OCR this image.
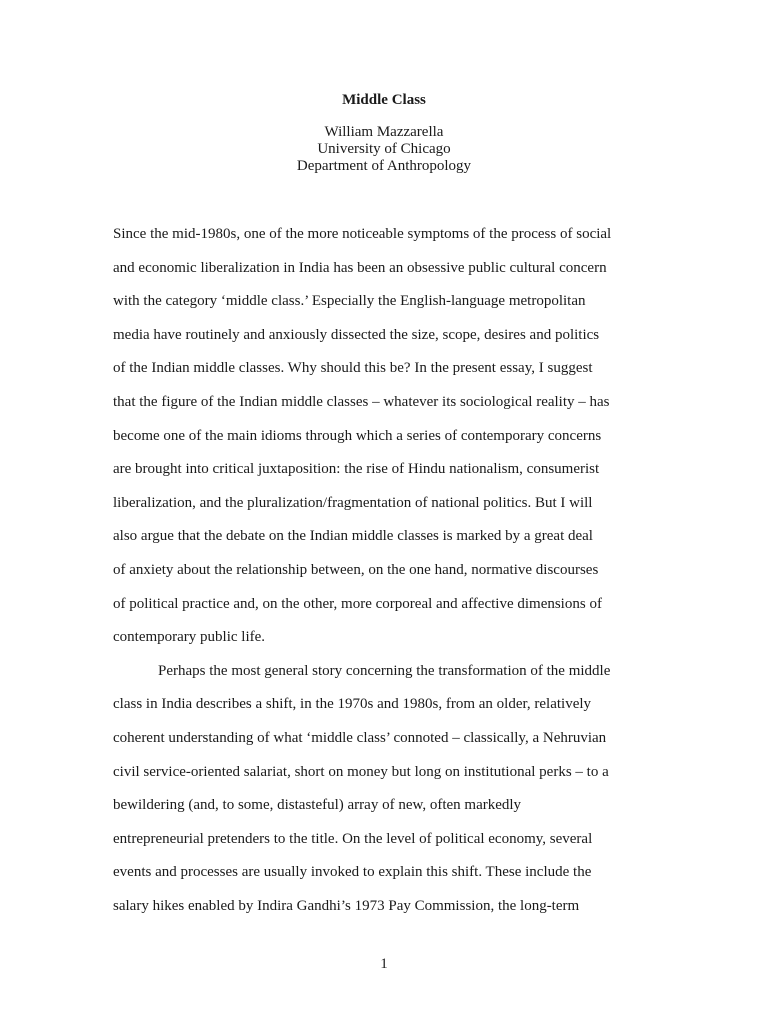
Middle Class
William Mazzarella
University of Chicago
Department of Anthropology
Since the mid-1980s, one of the more noticeable symptoms of the process of social
and economic liberalization in India has been an obsessive public cultural concern
with the category ‘middle class.’ Especially the English-language metropolitan
media have routinely and anxiously dissected the size, scope, desires and politics
of the Indian middle classes. Why should this be? In the present essay, I suggest
that the figure of the Indian middle classes – whatever its sociological reality – has
become one of the main idioms through which a series of contemporary concerns
are brought into critical juxtaposition: the rise of Hindu nationalism, consumerist
liberalization, and the pluralization/fragmentation of national politics. But I will
also argue that the debate on the Indian middle classes is marked by a great deal
of anxiety about the relationship between, on the one hand, normative discourses
of political practice and, on the other, more corporeal and affective dimensions of
contemporary public life.
Perhaps the most general story concerning the transformation of the middle
class in India describes a shift, in the 1970s and 1980s, from an older, relatively
coherent understanding of what ‘middle class’ connoted – classically, a Nehruvian
civil service-oriented salariat, short on money but long on institutional perks – to a
bewildering (and, to some, distasteful) array of new, often markedly
entrepreneurial pretenders to the title. On the level of political economy, several
events and processes are usually invoked to explain this shift. These include the
salary hikes enabled by Indira Gandhi’s 1973 Pay Commission, the long-term
1
